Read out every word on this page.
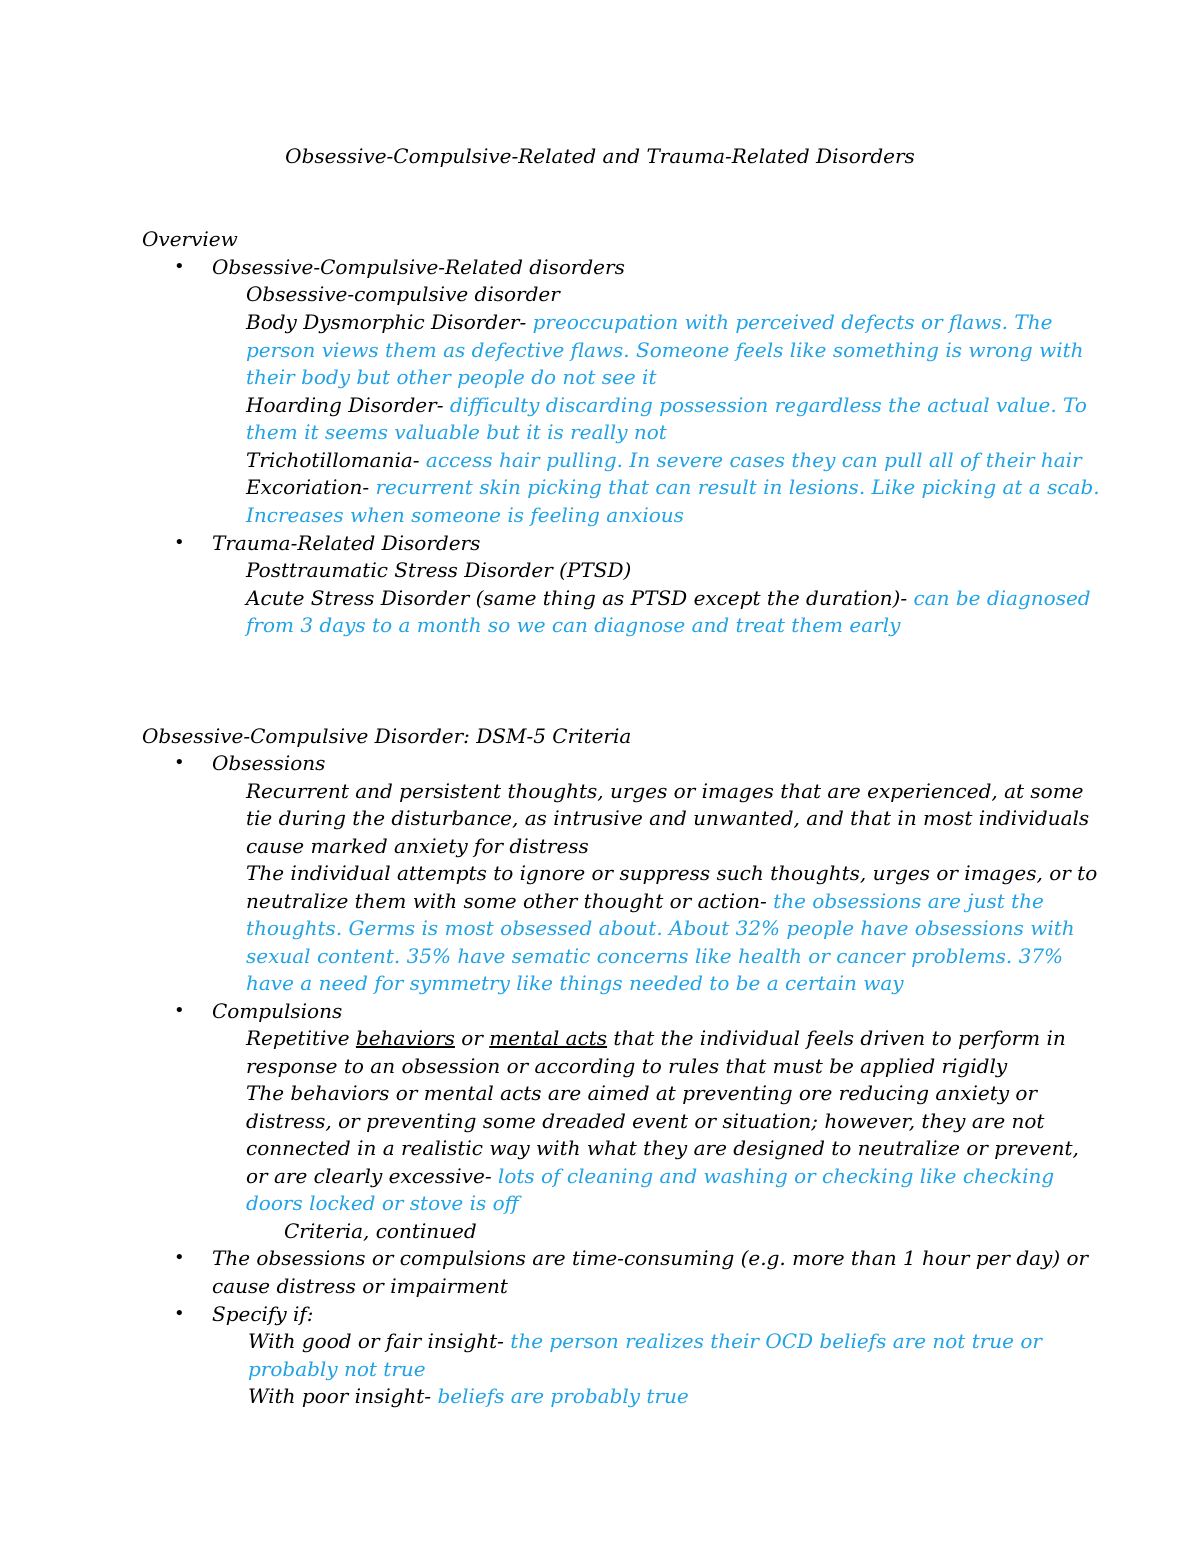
Obsessive-Compulsive-Related and Trauma-Related Disorders
Overview
• Obsessive-Compulsive-Related disorders
Obsessive-compulsive disorder
Body Dysmorphic Disorder- preoccupation with perceived defects or flaws. The
person views them as defective flaws. Someone feels like something is wrong with
their body but other people do not see it
Hoarding Disorder- difficulty discarding possession regardless the actual value. To
them it seems valuable but it is really not
Trichotillomania- access hair pulling. In severe cases they can pull all of their hair
Excoriation- recurrent skin picking that can result in lesions. Like picking at a scab.
Increases when someone is feeling anxious
• Trauma-Related Disorders
Posttraumatic Stress Disorder (PTSD)
Acute Stress Disorder (same thing as PTSD except the duration)- can be diagnosed
from 3 days to a month so we can diagnose and treat them early
Obsessive-Compulsive Disorder: DSM-5 Criteria
• Obsessions
Recurrent and persistent thoughts, urges or images that are experienced, at some
tie during the disturbance, as intrusive and unwanted, and that in most individuals
cause marked anxiety for distress
The individual attempts to ignore or suppress such thoughts, urges or images, or to
neutralize them with some other thought or action- the obsessions are just the
thoughts. Germs is most obsessed about. About 32% people have obsessions with
sexual content. 35% have sematic concerns like health or cancer problems. 37%
have a need for symmetry like things needed to be a certain way
• Compulsions
Repetitive behaviors or mental acts that the individual feels driven to perform in
response to an obsession or according to rules that must be applied rigidly
The behaviors or mental acts are aimed at preventing ore reducing anxiety or
distress, or preventing some dreaded event or situation; however, they are not
connected in a realistic way with what they are designed to neutralize or prevent,
or are clearly excessive- lots of cleaning and washing or checking like checking
doors locked or stove is off
Criteria, continued
• The obsessions or compulsions are time-consuming (e.g. more than 1 hour per day) or
cause distress or impairment
• Specify if:
With good or fair insight- the person realizes their OCD beliefs are not true or
probably not true
With poor insight- beliefs are probably true
